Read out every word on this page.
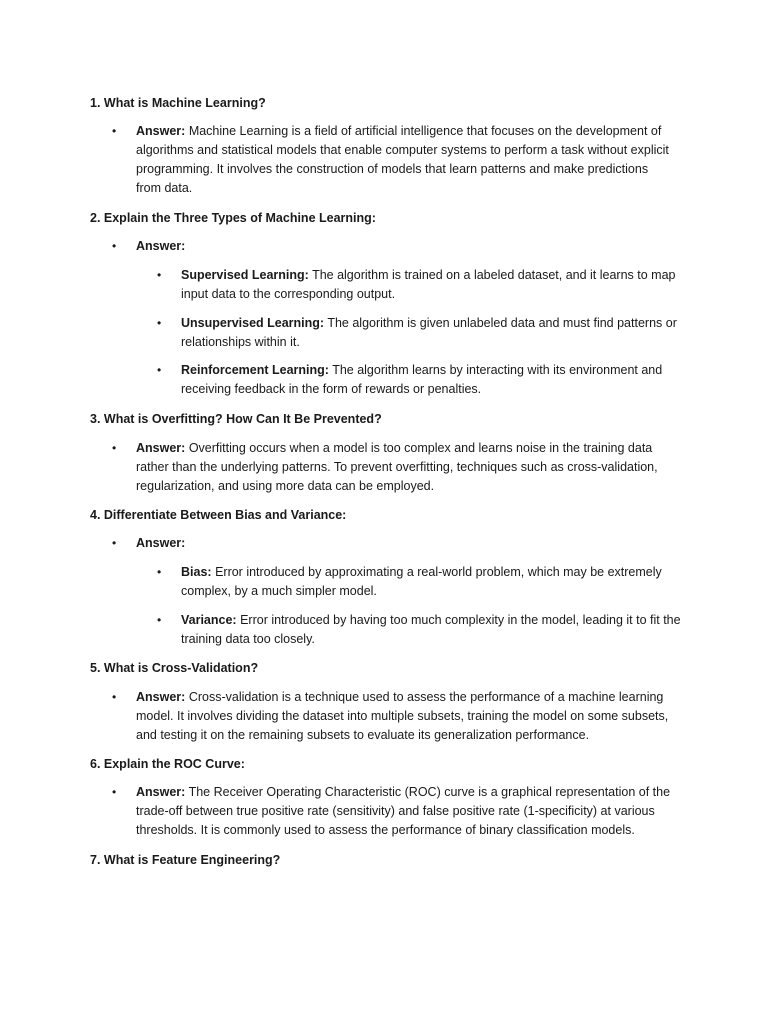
1. What is Machine Learning?
• Answer: Machine Learning is a field of artificial intelligence that focuses on the development of algorithms and statistical models that enable computer systems to perform a task without explicit programming. It involves the construction of models that learn patterns and make predictions from data.
2. Explain the Three Types of Machine Learning:
• Answer:
• Supervised Learning: The algorithm is trained on a labeled dataset, and it learns to map input data to the corresponding output.
• Unsupervised Learning: The algorithm is given unlabeled data and must find patterns or relationships within it.
• Reinforcement Learning: The algorithm learns by interacting with its environment and receiving feedback in the form of rewards or penalties.
3. What is Overfitting? How Can It Be Prevented?
• Answer: Overfitting occurs when a model is too complex and learns noise in the training data rather than the underlying patterns. To prevent overfitting, techniques such as cross-validation, regularization, and using more data can be employed.
4. Differentiate Between Bias and Variance:
• Answer:
• Bias: Error introduced by approximating a real-world problem, which may be extremely complex, by a much simpler model.
• Variance: Error introduced by having too much complexity in the model, leading it to fit the training data too closely.
5. What is Cross-Validation?
• Answer: Cross-validation is a technique used to assess the performance of a machine learning model. It involves dividing the dataset into multiple subsets, training the model on some subsets, and testing it on the remaining subsets to evaluate its generalization performance.
6. Explain the ROC Curve:
• Answer: The Receiver Operating Characteristic (ROC) curve is a graphical representation of the trade-off between true positive rate (sensitivity) and false positive rate (1-specificity) at various thresholds. It is commonly used to assess the performance of binary classification models.
7. What is Feature Engineering?
